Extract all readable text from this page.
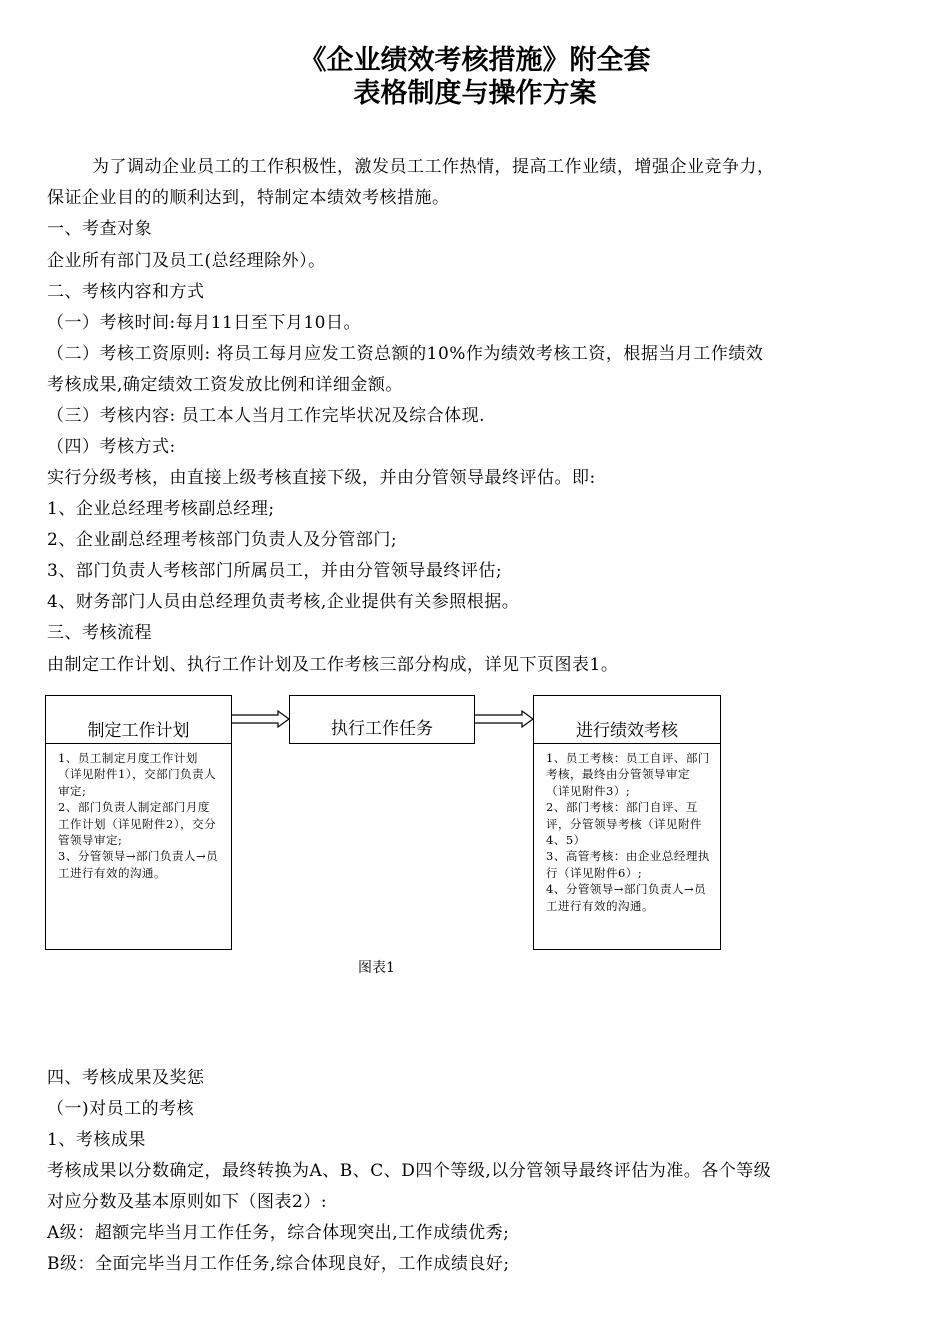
《企业绩效考核措施》附全套
表格制度与操作方案
为了调动企业员工的工作积极性，激发员工工作热情，提高工作业绩，增强企业竞争力，
保证企业目的的顺利达到，特制定本绩效考核措施。
一、考查对象
企业所有部门及员工(总经理除外）。
二、考核内容和方式
（一）考核时间:每月11日至下月10日。
（二）考核工资原则: 将员工每月应发工资总额的10%作为绩效考核工资，根据当月工作绩效
考核成果,确定绩效工资发放比例和详细金额。
（三）考核内容: 员工本人当月工作完毕状况及综合体现.
（四）考核方式:
实行分级考核，由直接上级考核直接下级，并由分管领导最终评估。即:
1、企业总经理考核副总经理;
2、企业副总经理考核部门负责人及分管部门;
3、部门负责人考核部门所属员工，并由分管领导最终评估;
4、财务部门人员由总经理负责考核,企业提供有关参照根据。
三、考核流程
由制定工作计划、执行工作计划及工作考核三部分构成，详见下页图表1。
制定工作计划
1、员工制定月度工作计划（详见附件1），交部门负责人审定;
2、部门负责人制定部门月度工作计划（详见附件2），交分管领导审定;
3、分管领导→部门负责人→员工进行有效的沟通。
执行工作任务	进行绩效考核
1、员工考核：员工自评、部门考核，最终由分管领导审定（详见附件3）;
2、部门考核：部门自评、互评，分管领导考核（详见附件4、5）
3、高管考核：由企业总经理执行（详见附件6）;
4、分管领导→部门负责人→员工进行有效的沟通。
图表1
四、考核成果及奖惩
（一)对员工的考核
1、考核成果
考核成果以分数确定，最终转换为A、B、C、D四个等级,以分管领导最终评估为准。各个等级
对应分数及基本原则如下（图表2）:
A级：超额完毕当月工作任务，综合体现突出,工作成绩优秀;
B级：全面完毕当月工作任务,综合体现良好，工作成绩良好;
